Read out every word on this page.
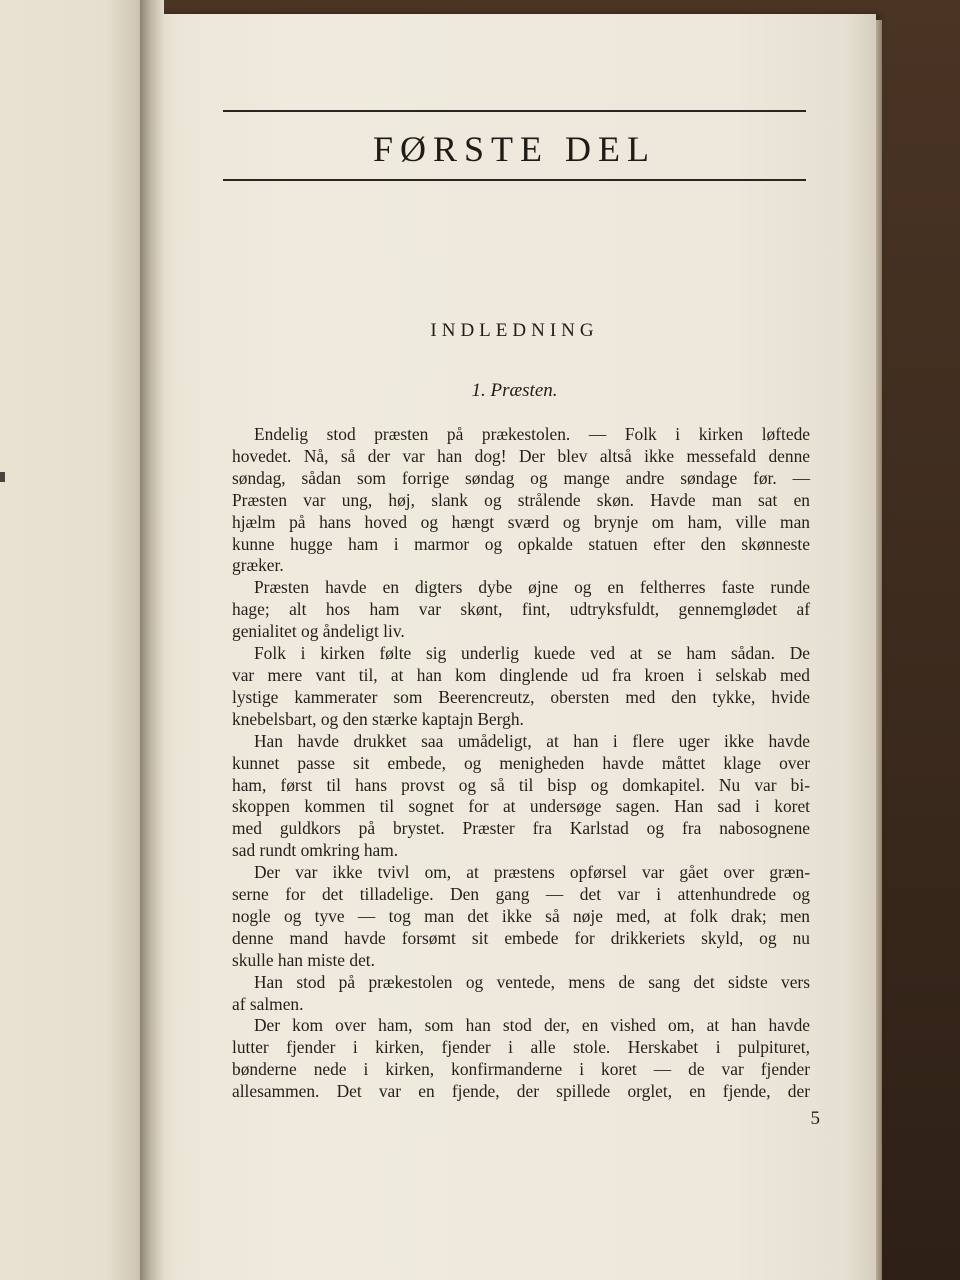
FØRSTE DEL
INDLEDNING
1. Præsten.
Endelig stod præsten på prækestolen. — Folk i kirken løftede
hovedet. Nå, så der var han dog! Der blev altså ikke messefald denne
søndag, sådan som forrige søndag og mange andre søndage før. —
Præsten var ung, høj, slank og strålende skøn. Havde man sat en
hjælm på hans hoved og hængt sværd og brynje om ham, ville man
kunne hugge ham i marmor og opkalde statuen efter den skønneste
græker.
Præsten havde en digters dybe øjne og en feltherres faste runde
hage; alt hos ham var skønt, fint, udtryksfuldt, gennemglødet af
genialitet og åndeligt liv.
Folk i kirken følte sig underlig kuede ved at se ham sådan. De
var mere vant til, at han kom dinglende ud fra kroen i selskab med
lystige kammerater som Beerencreutz, obersten med den tykke, hvide
knebelsbart, og den stærke kaptajn Bergh.
Han havde drukket saa umådeligt, at han i flere uger ikke havde
kunnet passe sit embede, og menigheden havde måttet klage over
ham, først til hans provst og så til bisp og domkapitel. Nu var bi-
skoppen kommen til sognet for at undersøge sagen. Han sad i koret
med guldkors på brystet. Præster fra Karlstad og fra nabosognene
sad rundt omkring ham.
Der var ikke tvivl om, at præstens opførsel var gået over græn-
serne for det tilladelige. Den gang — det var i attenhundrede og
nogle og tyve — tog man det ikke så nøje med, at folk drak; men
denne mand havde forsømt sit embede for drikkeriets skyld, og nu
skulle han miste det.
Han stod på prækestolen og ventede, mens de sang det sidste vers
af salmen.
Der kom over ham, som han stod der, en vished om, at han havde
lutter fjender i kirken, fjender i alle stole. Herskabet i pulpituret,
bønderne nede i kirken, konfirmanderne i koret — de var fjender
allesammen. Det var en fjende, der spillede orglet, en fjende, der
5
